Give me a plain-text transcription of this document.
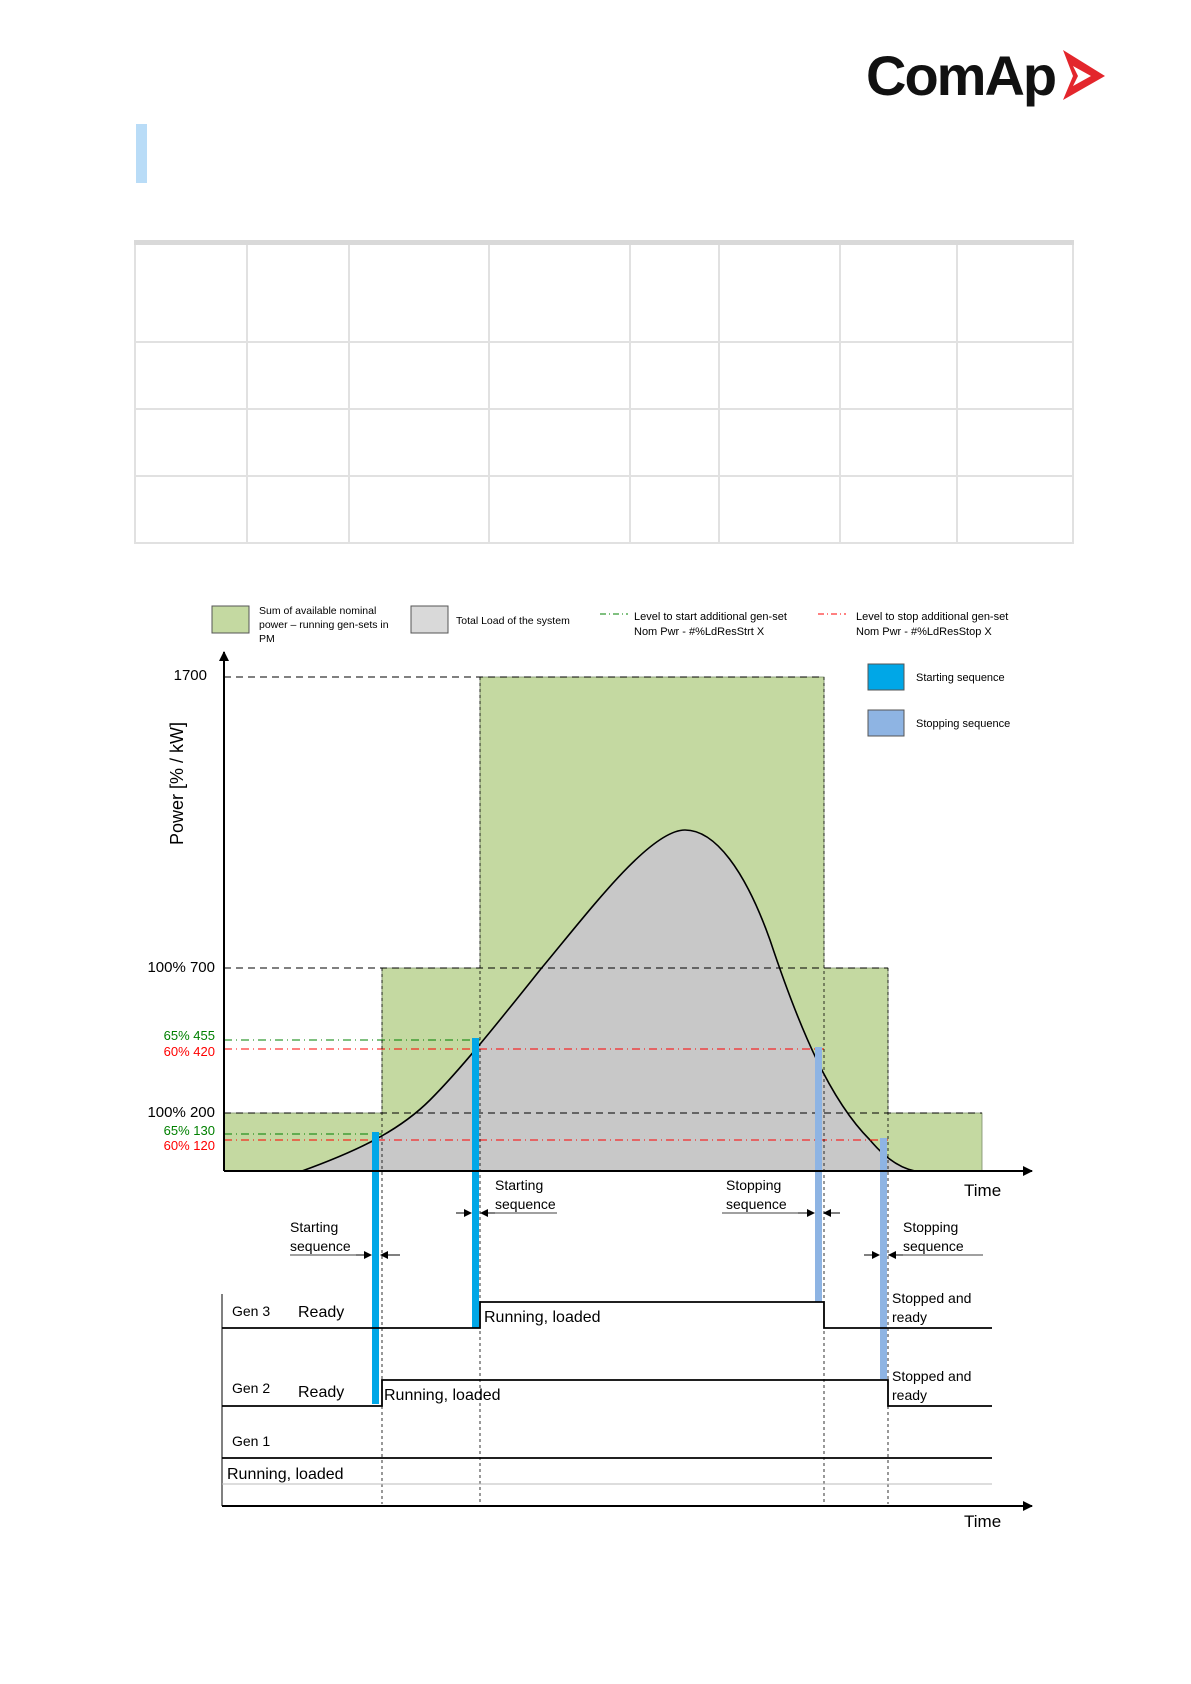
ComAp

Sum of available nominal
power – running gen-sets in
PM
Total Load of the system	Level to start additional gen-set
Nom Pwr - #%LdResStrt X
Level to stop additional gen-set
Nom Pwr - #%LdResStop X
Starting sequence
Stopping sequence
Power [% / kW]
Time
1700
100% 700
65% 455
60% 420
100% 200
65% 130
60% 120
Starting
sequence
Starting
sequence
Stopping
sequence
Stopping
sequence
Gen 3 Ready	Running, loaded
Stopped and
ready
Gen 2 Ready Running, loaded
Stopped and
ready
Gen 1
Running, loaded
Time
